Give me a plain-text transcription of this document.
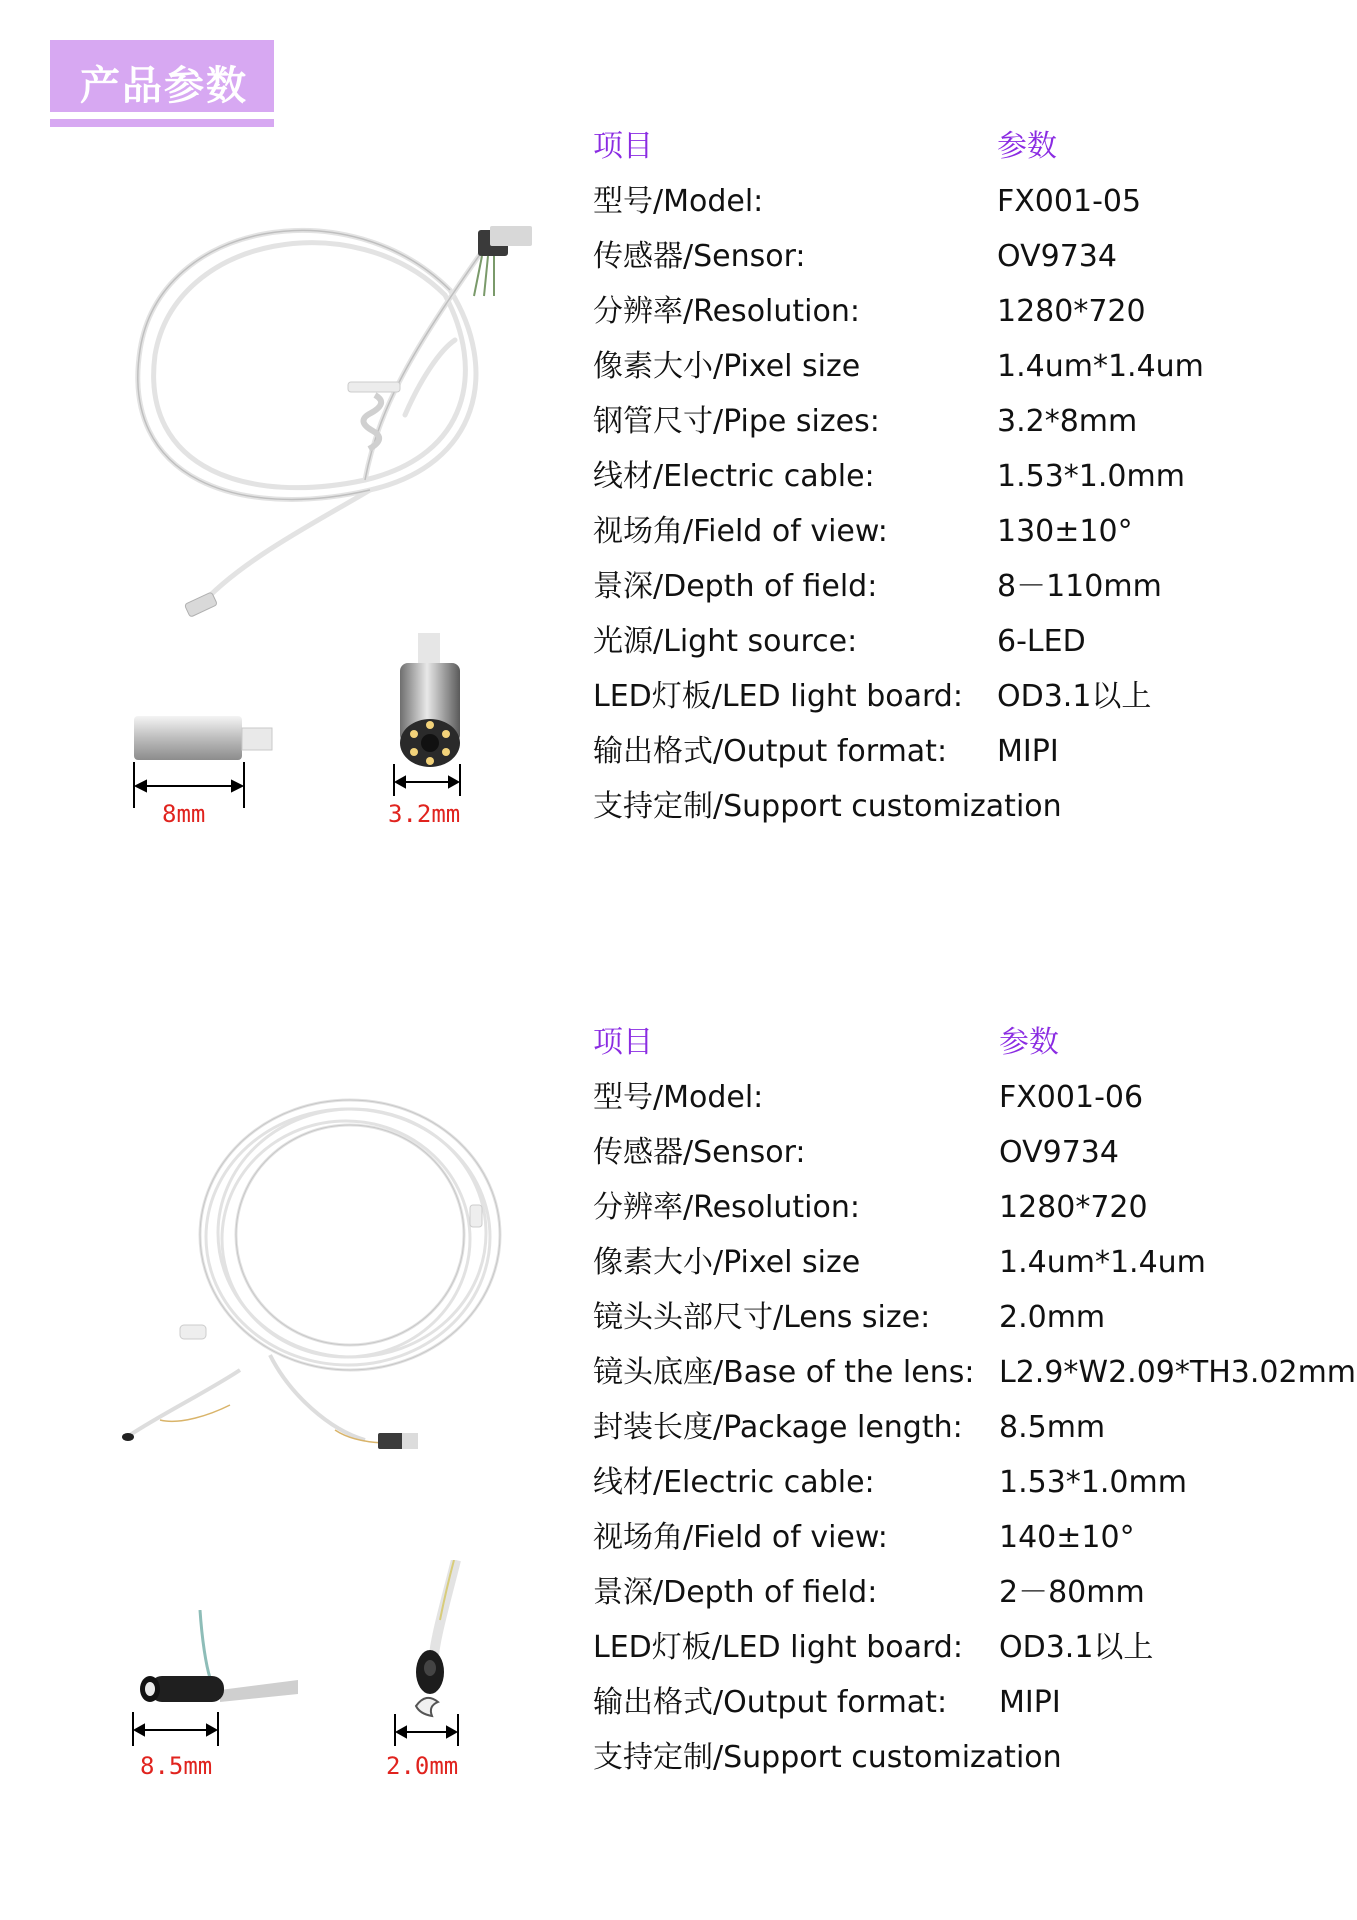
产品参数
8mm	3.2mm
项目	参数
型号/Model:	FX001-05
传感器/Sensor:	OV9734
分辨率/Resolution:	1280*720
像素大小/Pixel size	1.4um*1.4um
钢管尺寸/Pipe sizes:	3.2*8mm
线材/Electric cable:	1.53*1.0mm
视场角/Field of view:	130±10°
景深/Depth of field:	8－110mm
光源/Light source:	6-LED
LED灯板/LED light board: OD3.1以上
输出格式/Output format: MIPI
支持定制/Support customization
8.5mm	2.0mm
项目	参数
型号/Model:	FX001-06
传感器/Sensor:	OV9734
分辨率/Resolution:	1280*720
像素大小/Pixel size	1.4um*1.4um
镜头头部尺寸/Lens size: 2.0mm
镜头底座/Base of the lens: L2.9*W2.09*TH3.02mm
封装长度/Package length: 8.5mm
线材/Electric cable:	1.53*1.0mm
视场角/Field of view:	140±10°
景深/Depth of field:	2－80mm
LED灯板/LED light board: OD3.1以上
输出格式/Output format: MIPI
支持定制/Support customization
